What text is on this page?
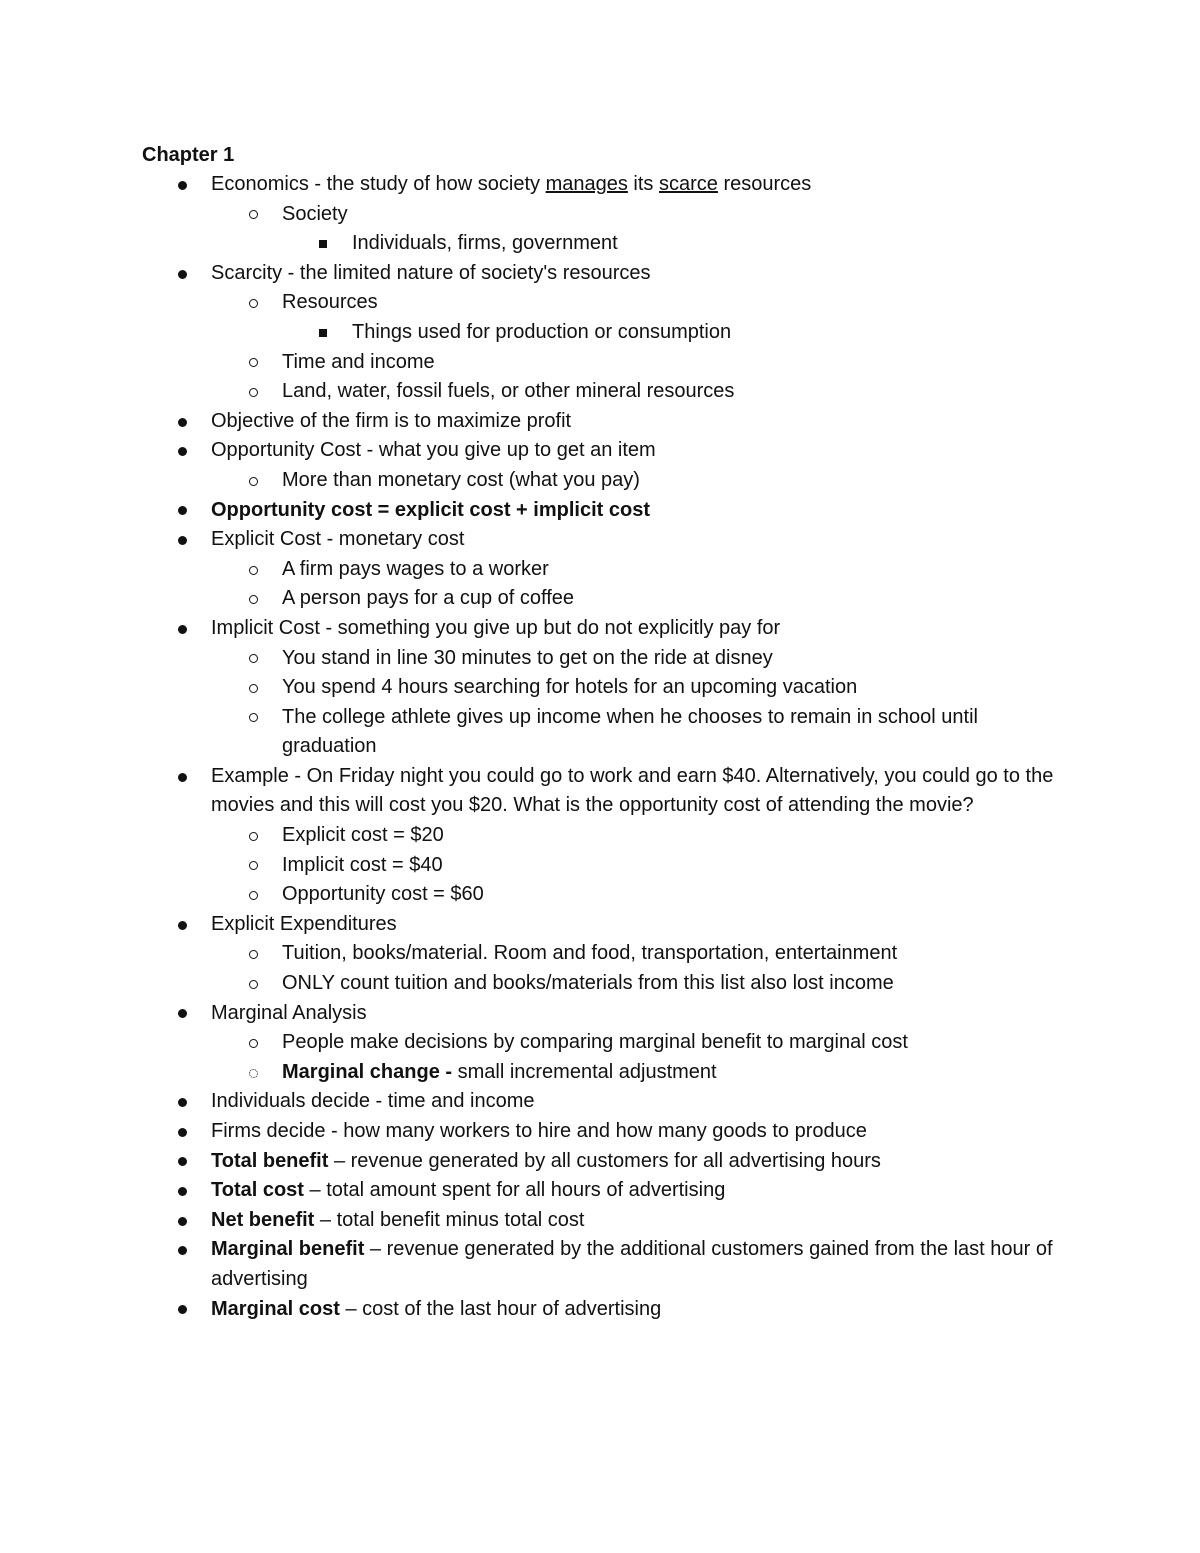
Chapter 1
Economics - the study of how society manages its scarce resources
Society
Individuals, firms, government
Scarcity - the limited nature of society's resources
Resources
Things used for production or consumption
Time and income
Land, water, fossil fuels, or other mineral resources
Objective of the firm is to maximize profit
Opportunity Cost - what you give up to get an item
More than monetary cost (what you pay)
Opportunity cost = explicit cost + implicit cost
Explicit Cost - monetary cost
A firm pays wages to a worker
A person pays for a cup of coffee
Implicit Cost - something you give up but do not explicitly pay for
You stand in line 30 minutes to get on the ride at disney
You spend 4 hours searching for hotels for an upcoming vacation
The college athlete gives up income when he chooses to remain in school until graduation
Example - On Friday night you could go to work and earn $40. Alternatively, you could go to the movies and this will cost you $20. What is the opportunity cost of attending the movie?
Explicit cost = $20
Implicit cost = $40
Opportunity cost = $60
Explicit Expenditures
Tuition, books/material. Room and food, transportation, entertainment
ONLY count tuition and books/materials from this list also lost income
Marginal Analysis
People make decisions by comparing marginal benefit to marginal cost
Marginal change - small incremental adjustment
Individuals decide - time and income
Firms decide - how many workers to hire and how many goods to produce
Total benefit – revenue generated by all customers for all advertising hours
Total cost – total amount spent for all hours of advertising
Net benefit – total benefit minus total cost
Marginal benefit – revenue generated by the additional customers gained from the last hour of advertising
Marginal cost – cost of the last hour of advertising
